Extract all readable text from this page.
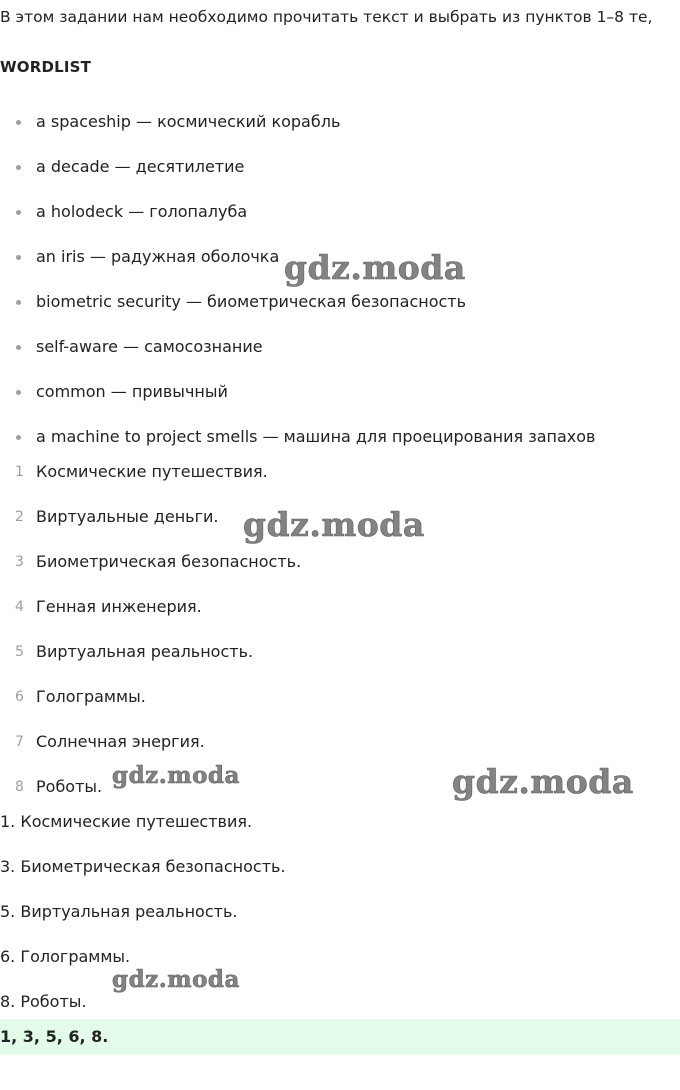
В этом задании нам необходимо прочитать текст и выбрать из пунктов 1–8 те,
WORDLIST
a spaceship — космический корабль
a decade — десятилетие
a holodeck — голопалуба
an iris — радужная оболочка
biometric security — биометрическая безопасность
self-aware — самосознание
common — привычный
a machine to project smells — машина для проецирования запахов
1 Космические путешествия.
2 Виртуальные деньги.
3 Биометрическая безопасность.
4 Генная инженерия.
5 Виртуальная реальность.
6 Голограммы.
7 Солнечная энергия.
8 Роботы.
1. Космические путешествия.
3. Биометрическая безопасность.
5. Виртуальная реальность.
6. Голограммы.
8. Роботы.
1, 3, 5, 6, 8.
gdz.moda
gdz.moda
gdz.moda	gdz.moda
gdz.moda
